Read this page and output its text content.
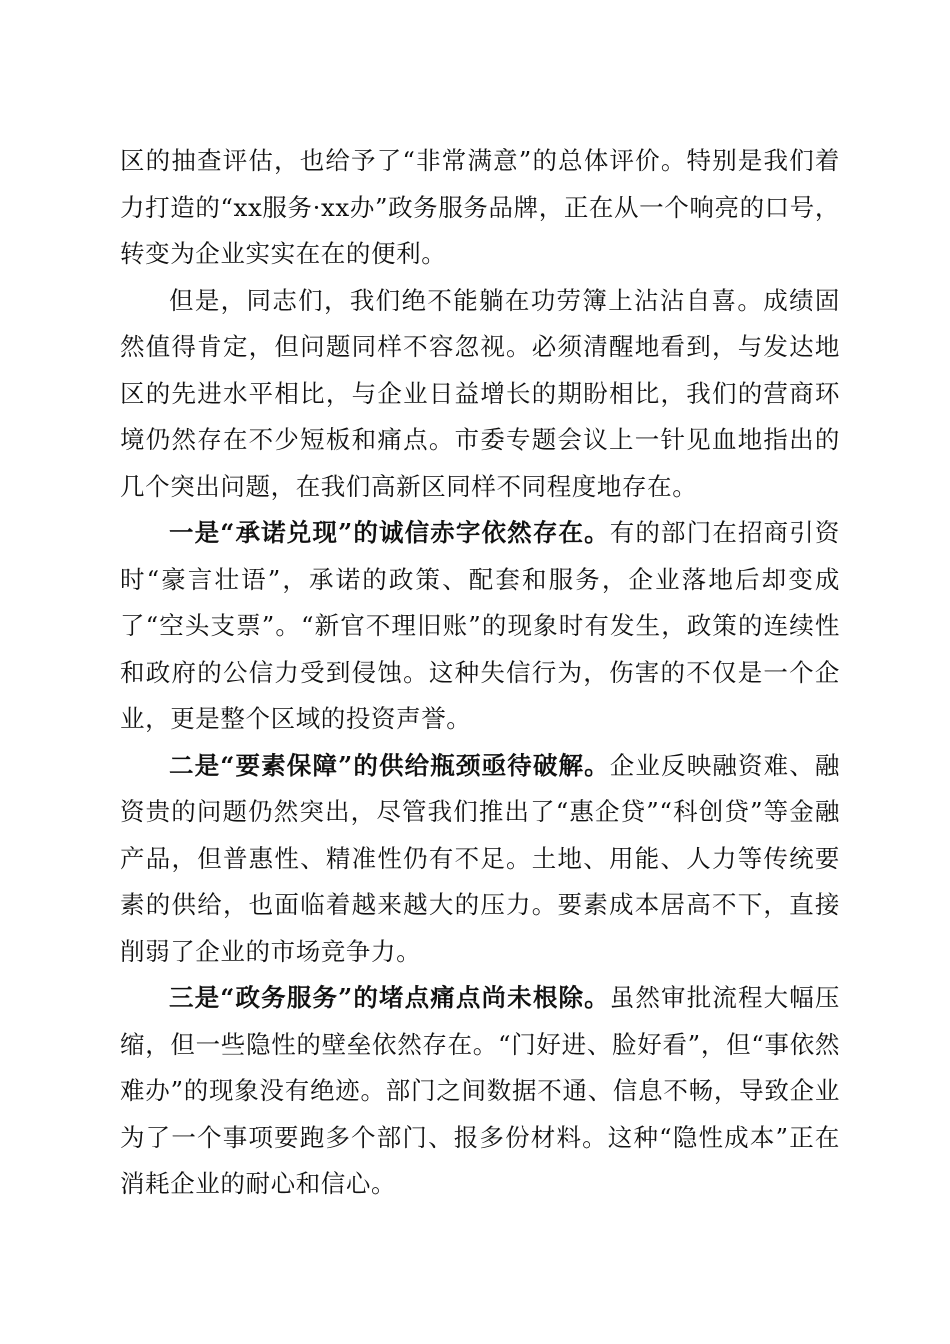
区的抽查评估，也给予了“非常满意”的总体评价。特别是我们着力打造的“xx服务·xx办”政务服务品牌，正在从一个响亮的口号，转变为企业实实在在的便利。

但是，同志们，我们绝不能躺在功劳簿上沾沾自喜。成绩固然值得肯定，但问题同样不容忽视。必须清醒地看到，与发达地区的先进水平相比，与企业日益增长的期盼相比，我们的营商环境仍然存在不少短板和痛点。市委专题会议上一针见血地指出的几个突出问题，在我们高新区同样不同程度地存在。

一是“承诺兑现”的诚信赤字依然存在。有的部门在招商引资时“豪言壮语”，承诺的政策、配套和服务，企业落地后却变成了“空头支票”。“新官不理旧账”的现象时有发生，政策的连续性和政府的公信力受到侵蚀。这种失信行为，伤害的不仅是一个企业，更是整个区域的投资声誉。

二是“要素保障”的供给瓶颈亟待破解。企业反映融资难、融资贵的问题仍然突出，尽管我们推出了“惠企贷”“科创贷”等金融产品，但普惠性、精准性仍有不足。土地、用能、人力等传统要素的供给，也面临着越来越大的压力。要素成本居高不下，直接削弱了企业的市场竞争力。

三是“政务服务”的堵点痛点尚未根除。虽然审批流程大幅压缩，但一些隐性的壁垒依然存在。“门好进、脸好看”，但“事依然难办”的现象没有绝迹。部门之间数据不通、信息不畅，导致企业为了一个事项要跑多个部门、报多份材料。这种“隐性成本”正在消耗企业的耐心和信心。
